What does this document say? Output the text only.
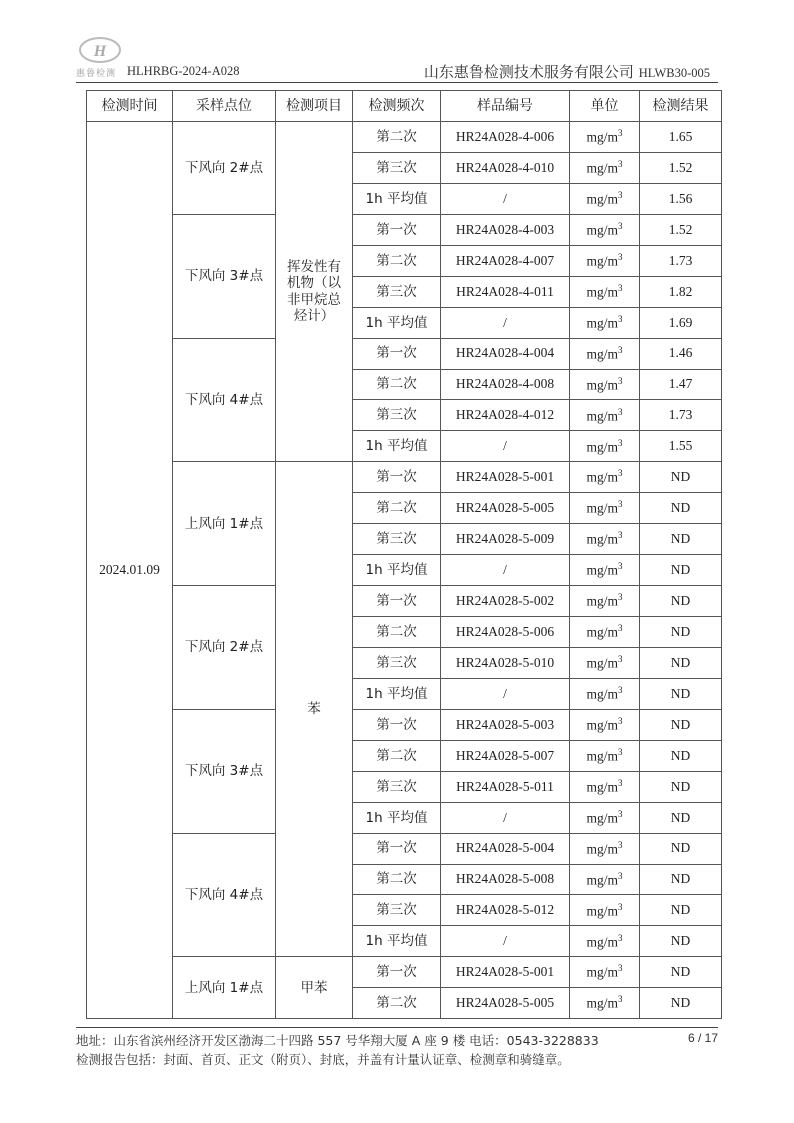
H
惠鲁检测 HLHRBG-2024-A028	山东惠鲁检测技术服务有限公司 HLWB30-005
检测时间	采样点位	检测项目	检测频次	样品编号	单位	检测结果
2024.01.09	下风向 2#点	挥发性有机物（以非甲烷总烃计）	第二次	HR24A028-4-006	$mg/m^3$	1.65
			第三次	HR24A028-4-010	$mg/m^3$	1.52
			1h 平均值	/	$mg/m^3$	1.56
	下风向 3#点		第一次	HR24A028-4-003	$mg/m^3$	1.52
			第二次	HR24A028-4-007	$mg/m^3$	1.73
			第三次	HR24A028-4-011	$mg/m^3$	1.82
			1h 平均值	/	$mg/m^3$	1.69
	下风向 4#点		第一次	HR24A028-4-004	$mg/m^3$	1.46
			第二次	HR24A028-4-008	$mg/m^3$	1.47
			第三次	HR24A028-4-012	$mg/m^3$	1.73
			1h 平均值	/	$mg/m^3$	1.55
	上风向 1#点	苯	第一次	HR24A028-5-001	$mg/m^3$	ND
			第二次	HR24A028-5-005	$mg/m^3$	ND
			第三次	HR24A028-5-009	$mg/m^3$	ND
			1h 平均值	/	$mg/m^3$	ND
	下风向 2#点		第一次	HR24A028-5-002	$mg/m^3$	ND
			第二次	HR24A028-5-006	$mg/m^3$	ND
			第三次	HR24A028-5-010	$mg/m^3$	ND
			1h 平均值	/	$mg/m^3$	ND
	下风向 3#点		第一次	HR24A028-5-003	$mg/m^3$	ND
			第二次	HR24A028-5-007	$mg/m^3$	ND
			第三次	HR24A028-5-011	$mg/m^3$	ND
			1h 平均值	/	$mg/m^3$	ND
	下风向 4#点		第一次	HR24A028-5-004	$mg/m^3$	ND
			第二次	HR24A028-5-008	$mg/m^3$	ND
			第三次	HR24A028-5-012	$mg/m^3$	ND
			1h 平均值	/	$mg/m^3$	ND
	上风向 1#点	甲苯	第一次	HR24A028-5-001	$mg/m^3$	ND
			第二次	HR24A028-5-005	$mg/m^3$	ND
地址：山东省滨州经济开发区渤海二十四路 557 号华翔大厦 A 座 9 楼 电话：0543-3228833	6 / 17
检测报告包括：封面、首页、正文（附页）、封底，并盖有计量认证章、检测章和骑缝章。
